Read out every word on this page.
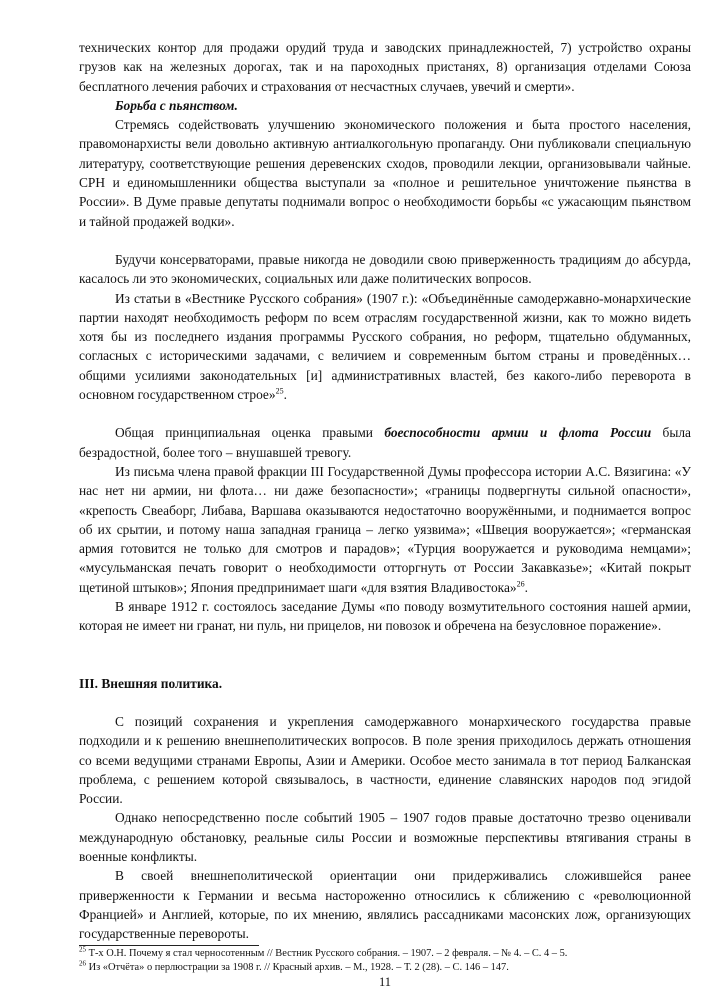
технических контор для продажи орудий труда и заводских принадлежностей, 7) устройство охраны грузов как на железных дорогах, так и на пароходных пристанях, 8) организация отделами Союза бесплатного лечения рабочих и страхования от несчастных случаев, увечий и смерти».

Борьба с пьянством.

Стремясь содействовать улучшению экономического положения и быта простого населения, правомонархисты вели довольно активную антиалкогольную пропаганду. Они публиковали специальную литературу, соответствующие решения деревенских сходов, проводили лекции, организовывали чайные. СРН и единомышленники общества выступали за «полное и решительное уничтожение пьянства в России». В Думе правые депутаты поднимали вопрос о необходимости борьбы «с ужасающим пьянством и тайной продажей водки».

Будучи консерваторами, правые никогда не доводили свою приверженность традициям до абсурда, касалось ли это экономических, социальных или даже политических вопросов.

Из статьи в «Вестнике Русского собрания» (1907 г.): «Объединённые самодержавно-монархические партии находят необходимость реформ по всем отраслям государственной жизни, как то можно видеть хотя бы из последнего издания программы Русского собрания, но реформ, тщательно обдуманных, согласных с историческими задачами, с величием и современным бытом страны и проведённых… общими усилиями законодательных [и] административных властей, без какого-либо переворота в основном государственном строе»$^{25}$.

Общая принципиальная оценка правыми боеспособности армии и флота России была безрадостной, более того – внушавшей тревогу.

Из письма члена правой фракции III Государственной Думы профессора истории А.С. Вязигина: «У нас нет ни армии, ни флота… ни даже безопасности»; «границы подвергнуты сильной опасности», «крепость Свеаборг, Либава, Варшава оказываются недостаточно вооружёнными, и поднимается вопрос об их срытии, и потому наша западная граница – легко уязвима»; «Швеция вооружается»; «германская армия готовится не только для смотров и парадов»; «Турция вооружается и руководима немцами»; «мусульманская печать говорит о необходимости отторгнуть от России Закавказье»; «Китай покрыт щетиной штыков»; Япония предпринимает шаги «для взятия Владивостока»$^{26}$.

В январе 1912 г. состоялось заседание Думы «по поводу возмутительного состояния нашей армии, которая не имеет ни гранат, ни пуль, ни прицелов, ни повозок и обречена на безусловное поражение».

III. Внешняя политика.

С позиций сохранения и укрепления самодержавного монархического государства правые подходили и к решению внешнеполитических вопросов. В поле зрения приходилось держать отношения со всеми ведущими странами Европы, Азии и Америки. Особое место занимала в тот период Балканская проблема, с решением которой связывалось, в частности, единение славянских народов под эгидой России.

Однако непосредственно после событий 1905 – 1907 годов правые достаточно трезво оценивали международную обстановку, реальные силы России и возможные перспективы втягивания страны в военные конфликты.

В своей внешнеполитической ориентации они придерживались сложившейся ранее приверженности к Германии и весьма настороженно относились к сближению с «революционной Францией» и Англией, которые, по их мнению, являлись рассадниками масонских лож, организующих государственные перевороты.

$^{25}$ Т-х О.Н. Почему я стал черносотенным // Вестник Русского собрания. – 1907. – 2 февраля. – № 4. – С. 4 – 5.

$^{26}$ Из «Отчёта» о перлюстрации за 1908 г. // Красный архив. – М., 1928. – Т. 2 (28). – С. 146 – 147.

11
